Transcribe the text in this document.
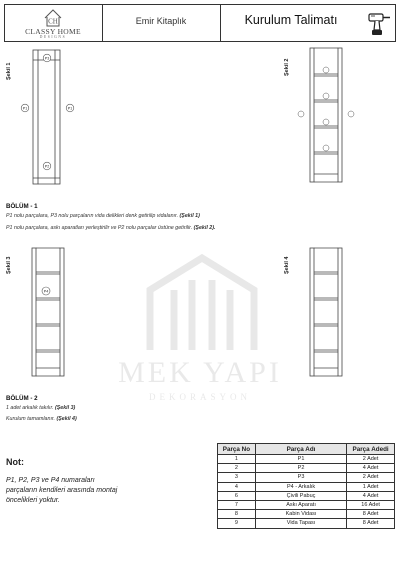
CH
CLASSY HOME
DESIGNS
Emir Kitaplık	Kurulum Talimatı
MEK YAPI
DEKORASYON
Şekil 1
P3
P1	P1
P2
Şekil 2
BÖLÜM - 1
P1 nolu parçalara, P3 nolu parçaların vida delikleri denk getirilip vidalanır. (Şekil 1)
P1 nolu parçalara, askı aparatları yerleştirilir ve P2 nolu parçalar üstüne getirilir. (Şekil 2).
Şekil 3
P4
Şekil 4
BÖLÜM - 2
1 adet arkalık takılır. (Şekil 3)
Kurulum tamamlanır. (Şekil 4)
Not:
P1, P2, P3 ve P4 numaraları parçaların kendileri arasında montaj öncelikleri yoktur.
Parça No	Parça Adı	Parça Adedi
1	P1	2 Adet
2	P2	4 Adet
3	P3	2 Adet
4	P4 - Arkalık	1 Adet
6	Çivili Pabuç	4 Adet
7	Askı Aparatı	16 Adet
8	Kabin Vidası	8 Adet
9	Vida Tapası	8 Adet
